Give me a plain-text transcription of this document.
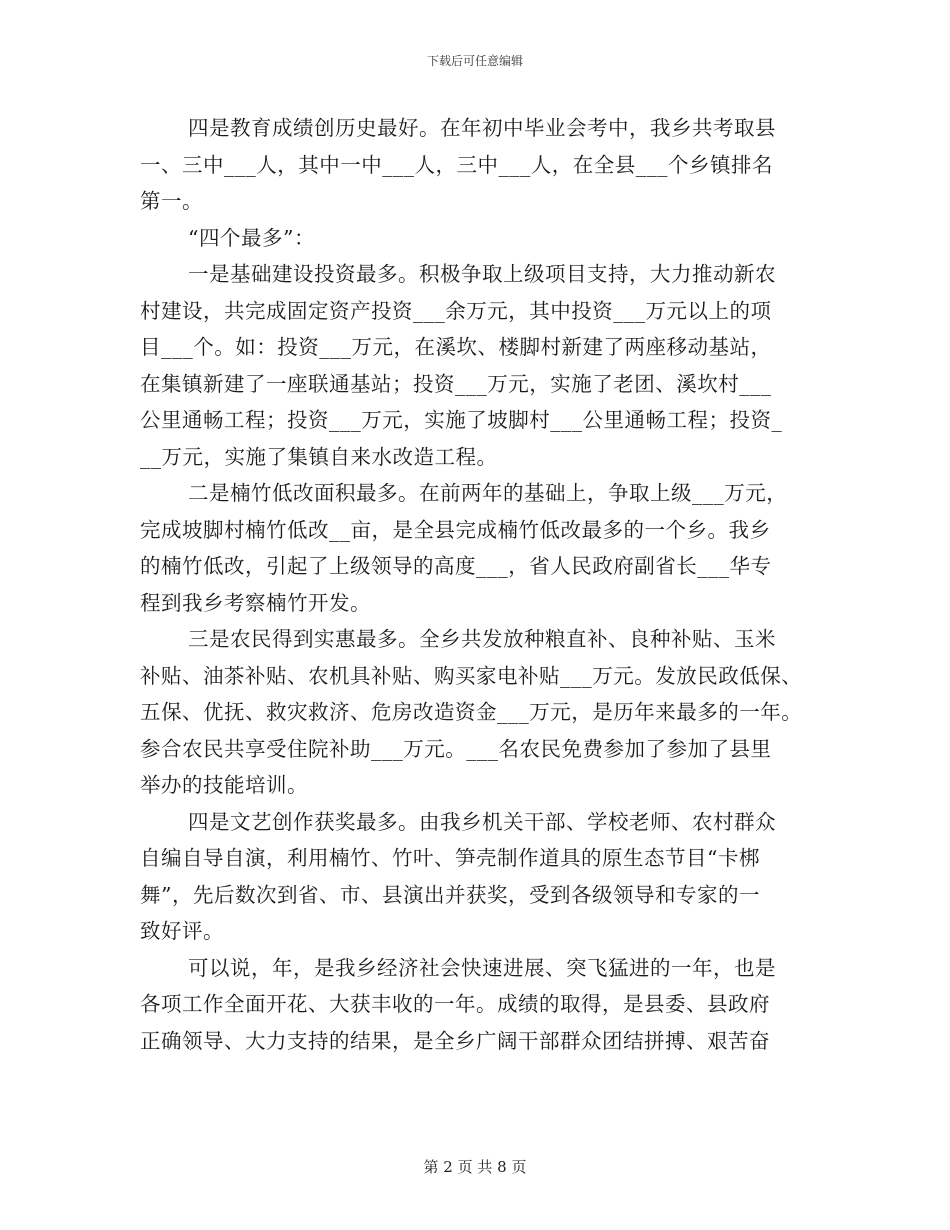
下载后可任意编辑
四是教育成绩创历史最好。在年初中毕业会考中，我乡共考取县
一、三中___人，其中一中___人，三中___人，在全县___个乡镇排名
第一。
“四个最多”：
一是基础建设投资最多。积极争取上级项目支持，大力推动新农
村建设，共完成固定资产投资___余万元，其中投资___万元以上的项
目___个。如：投资___万元，在溪坎、楼脚村新建了两座移动基站，
在集镇新建了一座联通基站；投资___万元，实施了老团、溪坎村___
公里通畅工程；投资___万元，实施了坡脚村___公里通畅工程；投资_
__万元，实施了集镇自来水改造工程。
二是楠竹低改面积最多。在前两年的基础上，争取上级___万元，
完成坡脚村楠竹低改__亩，是全县完成楠竹低改最多的一个乡。我乡
的楠竹低改，引起了上级领导的高度___，省人民政府副省长___华专
程到我乡考察楠竹开发。
三是农民得到实惠最多。全乡共发放种粮直补、良种补贴、玉米
补贴、油茶补贴、农机具补贴、购买家电补贴___万元。发放民政低保、
五保、优抚、救灾救济、危房改造资金___万元，是历年来最多的一年。
参合农民共享受住院补助___万元。___名农民免费参加了参加了县里
举办的技能培训。
四是文艺创作获奖最多。由我乡机关干部、学校老师、农村群众
自编自导自演，利用楠竹、竹叶、笋壳制作道具的原生态节目“卡梆
舞”，先后数次到省、市、县演出并获奖，受到各级领导和专家的一
致好评。
可以说，年，是我乡经济社会快速进展、突飞猛进的一年，也是
各项工作全面开花、大获丰收的一年。成绩的取得，是县委、县政府
正确领导、大力支持的结果，是全乡广阔干部群众团结拼搏、艰苦奋
第 2 页 共 8 页
